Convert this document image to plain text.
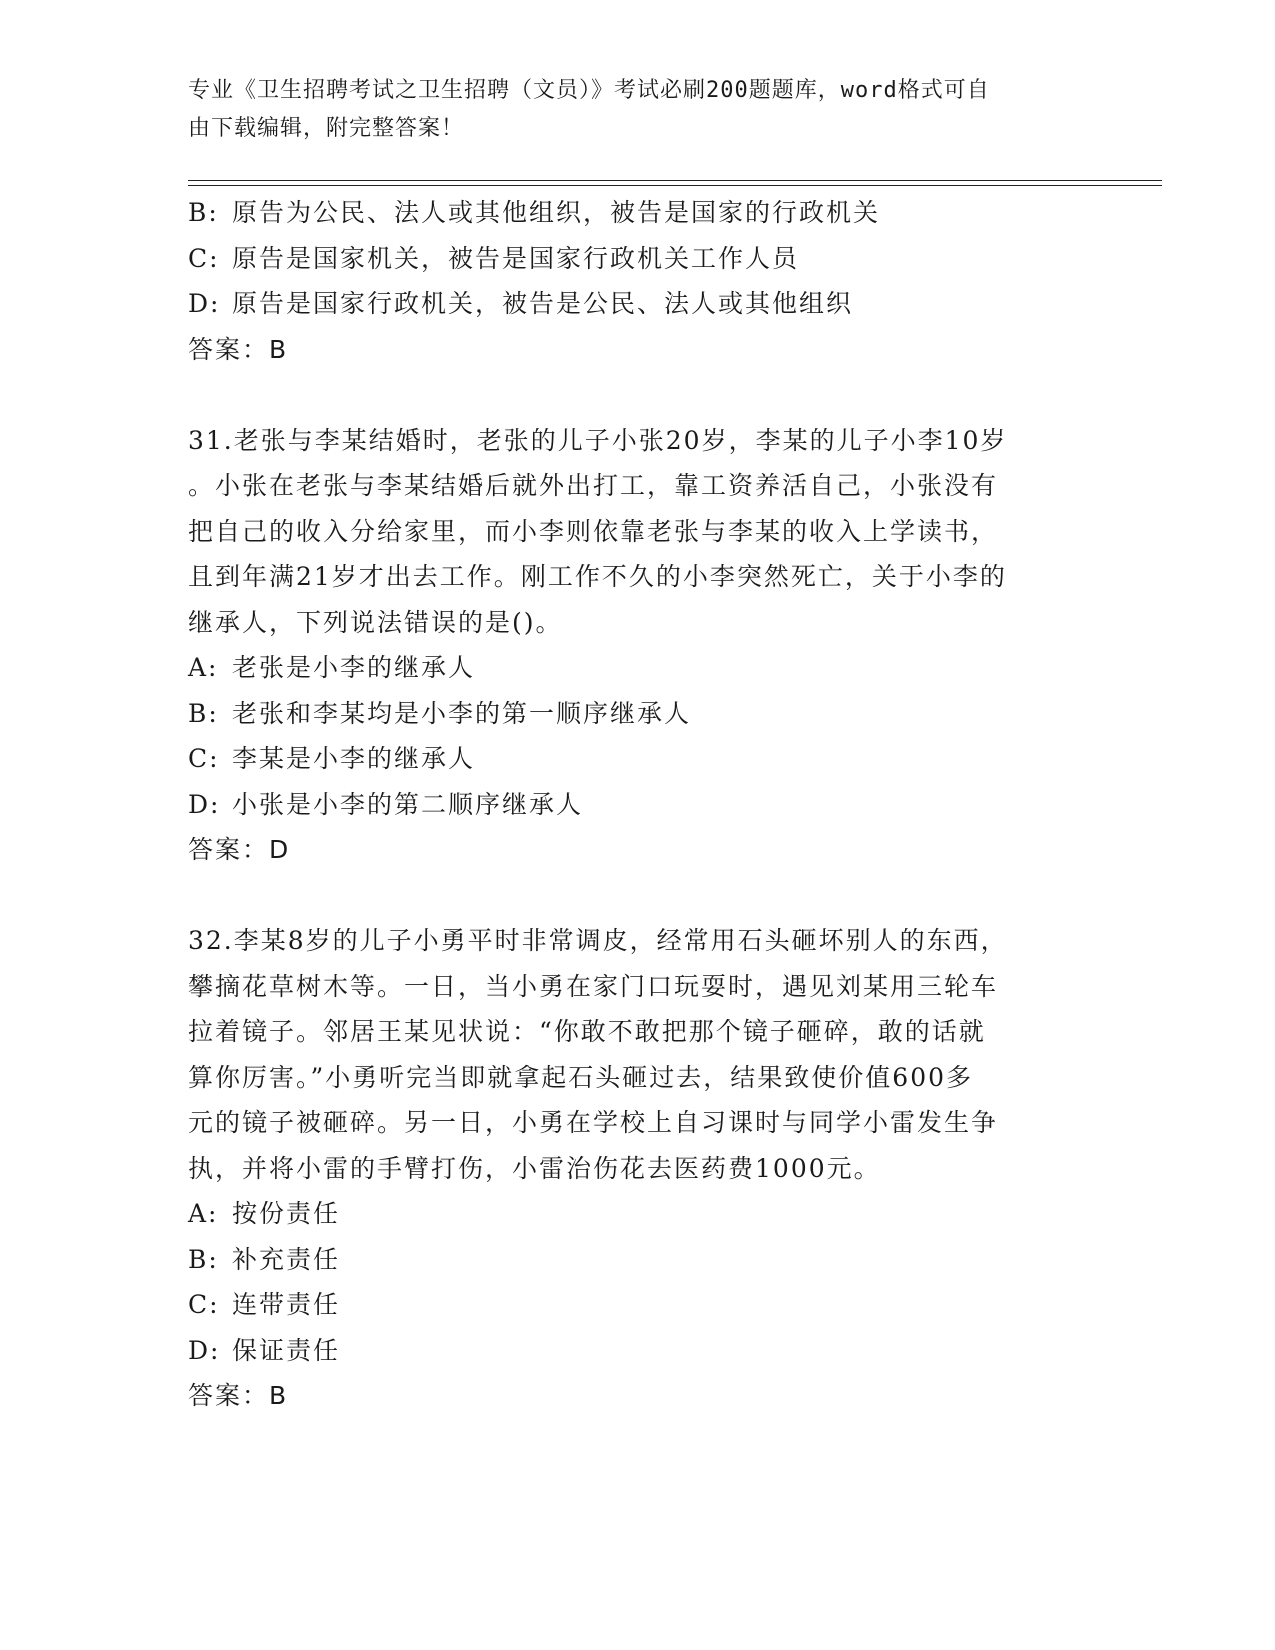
专业《卫生招聘考试之卫生招聘（文员）》考试必刷200题题库，word格式可自
由下载编辑，附完整答案！
B: 原告为公民、法人或其他组织，被告是国家的行政机关
C: 原告是国家机关，被告是国家行政机关工作人员
D: 原告是国家行政机关，被告是公民、法人或其他组织
答案：B
31.老张与李某结婚时，老张的儿子小张20岁，李某的儿子小李10岁
。小张在老张与李某结婚后就外出打工，靠工资养活自己，小张没有
把自己的收入分给家里，而小李则依靠老张与李某的收入上学读书，
且到年满21岁才出去工作。刚工作不久的小李突然死亡，关于小李的
继承人，下列说法错误的是()。
A: 老张是小李的继承人
B: 老张和李某均是小李的第一顺序继承人
C: 李某是小李的继承人
D: 小张是小李的第二顺序继承人
答案：D
32.李某8岁的儿子小勇平时非常调皮，经常用石头砸坏别人的东西，
攀摘花草树木等。一日，当小勇在家门口玩耍时，遇见刘某用三轮车
拉着镜子。邻居王某见状说：“你敢不敢把那个镜子砸碎，敢的话就
算你厉害。”小勇听完当即就拿起石头砸过去，结果致使价值600多
元的镜子被砸碎。另一日，小勇在学校上自习课时与同学小雷发生争
执，并将小雷的手臂打伤，小雷治伤花去医药费1000元。
A: 按份责任
B: 补充责任
C: 连带责任
D: 保证责任
答案：B
